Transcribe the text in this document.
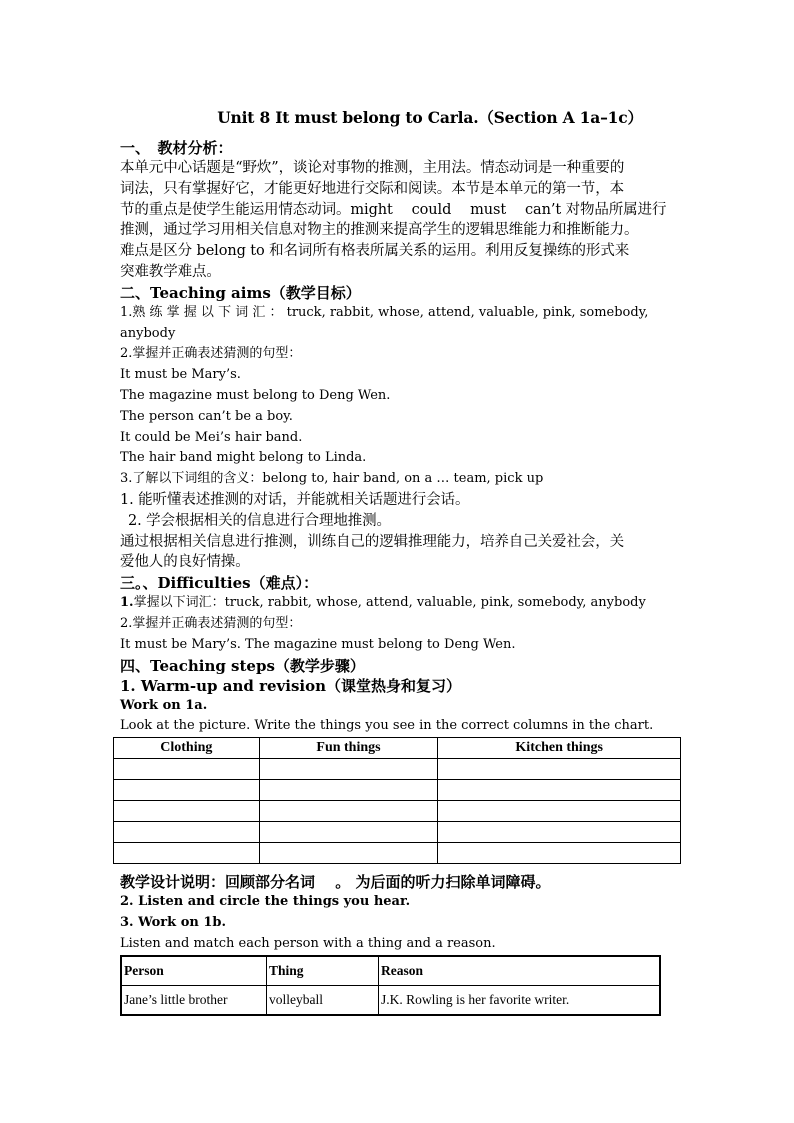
Unit 8 It must belong to Carla.（Section A 1a–1c）
一、　教材分析：
本单元中心话题是“野炊”，谈论对事物的推测，主用法。情态动词是一种重要的
词法，只有掌握好它，才能更好地进行交际和阅读。本节是本单元的第一节，本
节的重点是使学生能运用情态动词。might　 could　 must　 can’t 对物品所属进行
推测，通过学习用相关信息对物主的推测来提高学生的逻辑思维能力和推断能力。
难点是区分 belong to 和名词所有格表所属关系的运用。利用反复操练的形式来
突难教学难点。
二、Teaching aims（教学目标）
1.熟 练 掌 握 以 下 词 汇 ： truck, rabbit, whose, attend, valuable, pink, somebody,
anybody
2.掌握并正确表述猜测的句型：
It must be Mary’s.
The magazine must belong to Deng Wen.
The person can’t be a boy.
It could be Mei’s hair band.
The hair band might belong to Linda.
3.了解以下词组的含义：belong to, hair band, on a … team, pick up
1. 能听懂表述推测的对话，并能就相关话题进行会话。
2. 学会根据相关的信息进行合理地推测。
通过根据相关信息进行推测，训练自己的逻辑推理能力，培养自己关爱社会，关
爱他人的良好情操。
三。、Difficulties（难点）：
1.掌握以下词汇：truck, rabbit, whose, attend, valuable, pink, somebody, anybody
2.掌握并正确表述猜测的句型：
It must be Mary’s. The magazine must belong to Deng Wen.
四、Teaching steps（教学步骤）
1. Warm-up and revision（课堂热身和复习）
Work on 1a.
Look at the picture. Write the things you see in the correct columns in the chart.
Clothing	Fun things	Kitchen things

教学设计说明：回顾部分名词 　。 为后面的听力扫除单词障碍。
2. Listen and circle the things you hear.
3. Work on 1b.
Listen and match each person with a thing and a reason.
Person	Thing	Reason
Jane’s little brother	volleyball	J.K. Rowling is her favorite writer.
